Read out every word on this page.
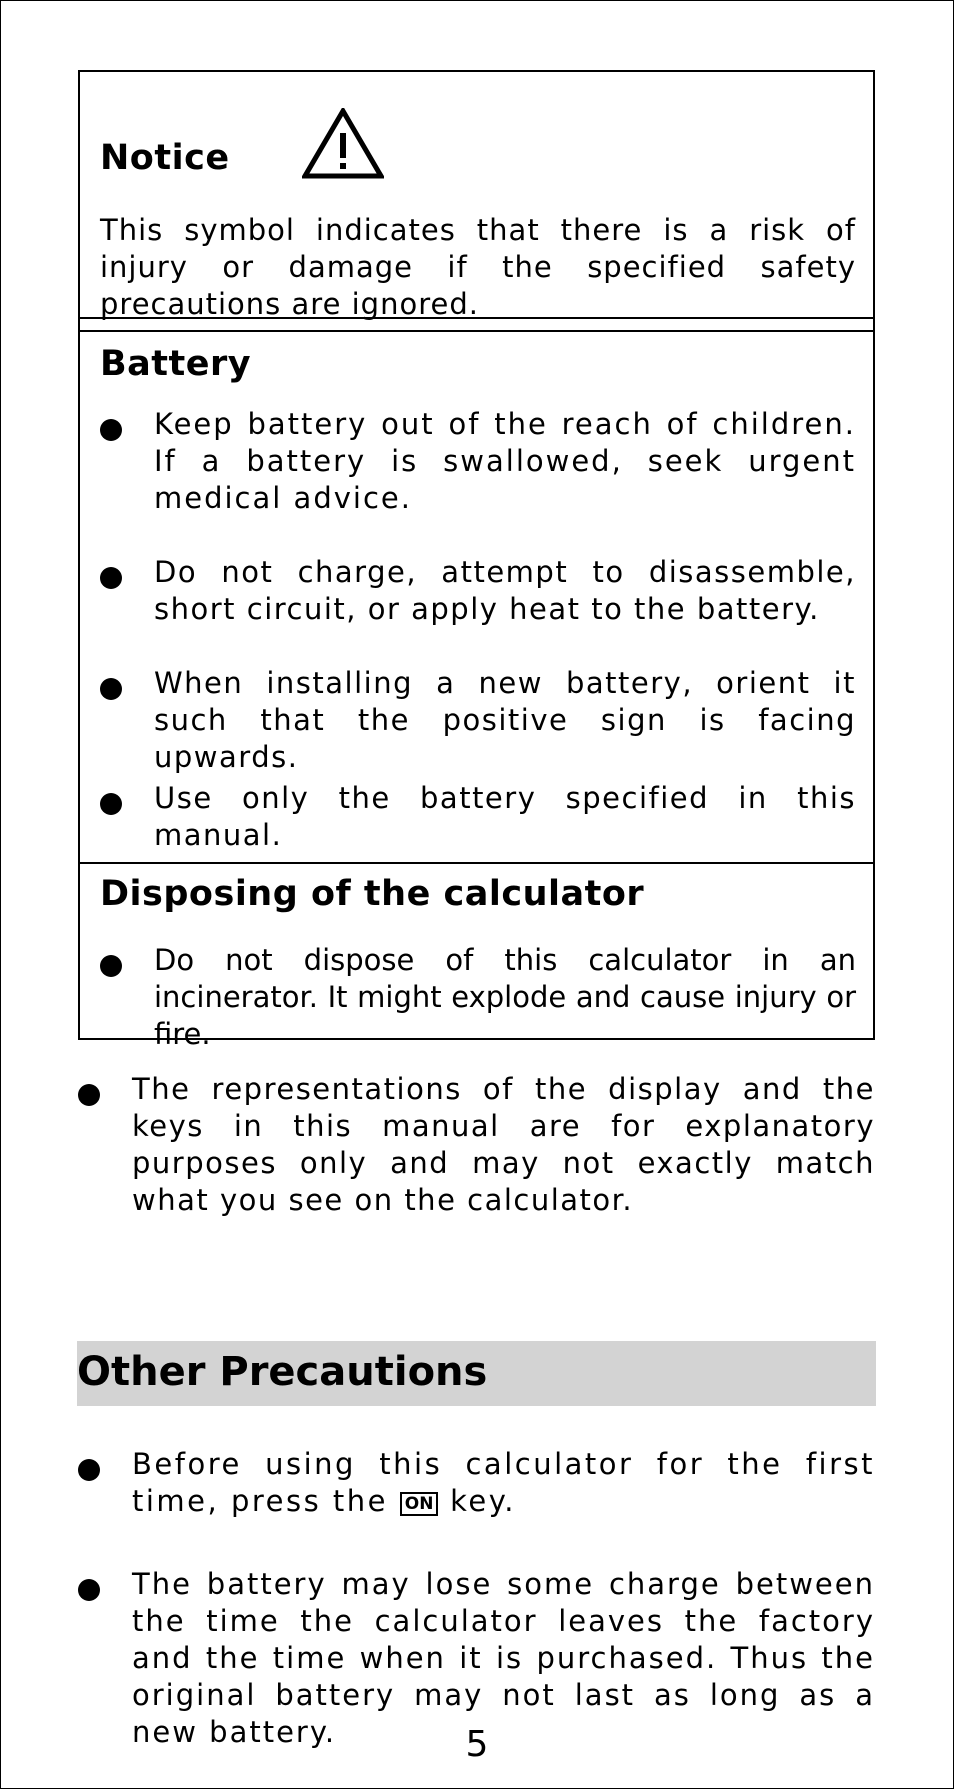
Notice
This symbol indicates that there is a risk of injury or damage if the specified safety precautions are ignored.
Battery
Keep battery out of the reach of children. If a battery is swallowed, seek urgent medical advice.
Do not charge, attempt to disassemble, short circuit, or apply heat to the battery.
When installing a new battery, orient it such that the positive sign is facing upwards.
Use only the battery specified in this manual.
Disposing of the calculator
Do not dispose of this calculator in an incinerator. It might explode and cause injury or fire.
The representations of the display and the keys in this manual are for explanatory purposes only and may not exactly match what you see on the calculator.
Other Precautions
Before using this calculator for the first time, press the ON key.
The battery may lose some charge between the time the calculator leaves the factory and the time when it is purchased. Thus the original battery may not last as long as a new battery.	5
